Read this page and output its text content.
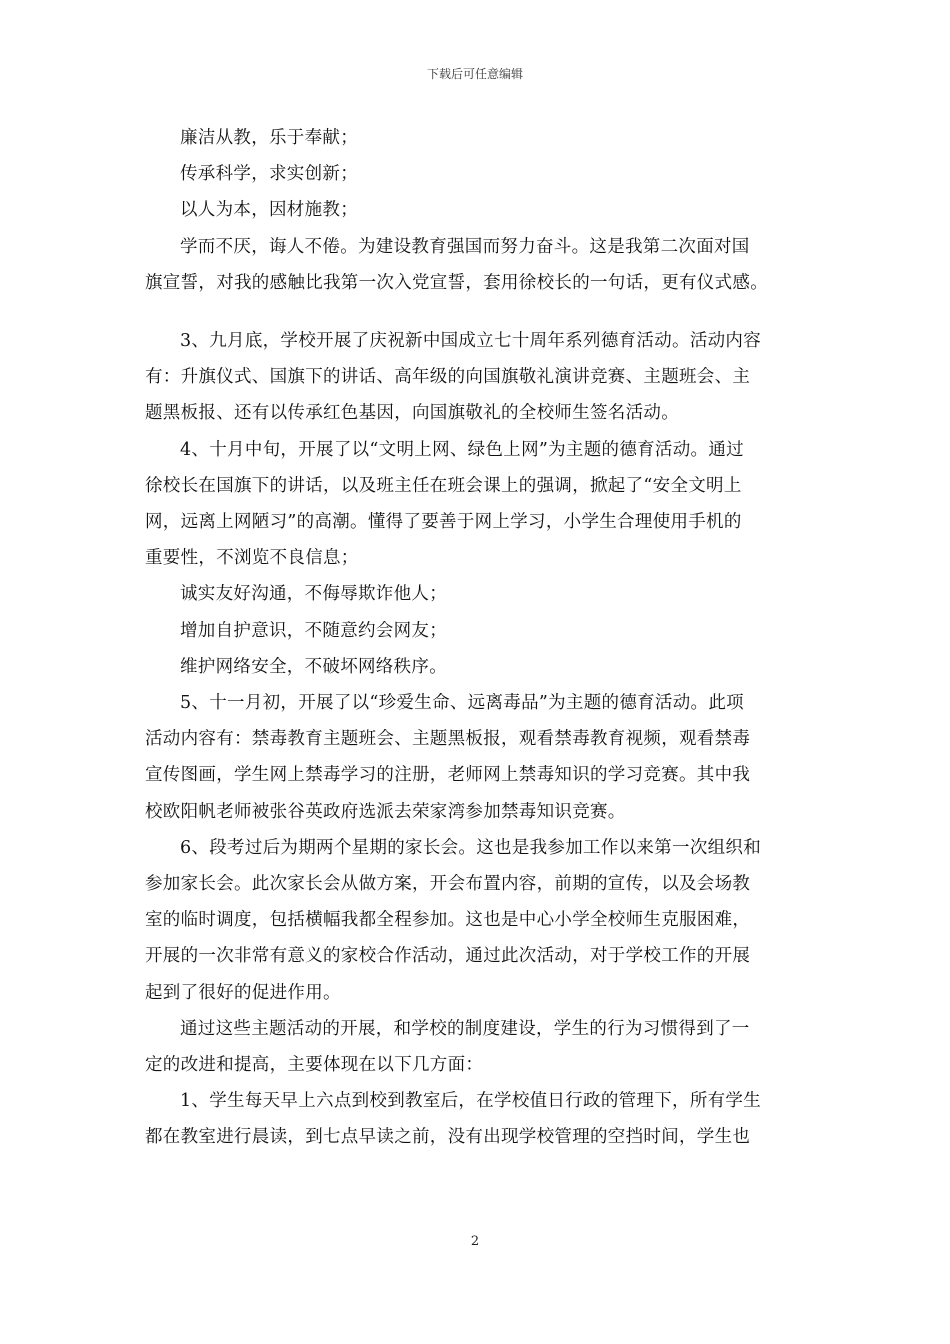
下载后可任意编辑

廉洁从教，乐于奉献；

传承科学，求实创新；

以人为本，因材施教；

学而不厌，诲人不倦。为建设教育强国而努力奋斗。这是我第二次面对国

旗宣誓，对我的感触比我第一次入党宣誓，套用徐校长的一句话，更有仪式感。

3、九月底，学校开展了庆祝新中国成立七十周年系列德育活动。活动内容

有：升旗仪式、国旗下的讲话、高年级的向国旗敬礼演讲竞赛、主题班会、主

题黑板报、还有以传承红色基因，向国旗敬礼的全校师生签名活动。

4、十月中旬，开展了以“文明上网、绿色上网”为主题的德育活动。通过

徐校长在国旗下的讲话，以及班主任在班会课上的强调，掀起了“安全文明上

网，远离上网陋习”的高潮。懂得了要善于网上学习，小学生合理使用手机的

重要性，不浏览不良信息；

诚实友好沟通，不侮辱欺诈他人；

增加自护意识，不随意约会网友；

维护网络安全，不破坏网络秩序。

5、十一月初，开展了以“珍爱生命、远离毒品”为主题的德育活动。此项

活动内容有：禁毒教育主题班会、主题黑板报，观看禁毒教育视频，观看禁毒

宣传图画，学生网上禁毒学习的注册，老师网上禁毒知识的学习竞赛。其中我

校欧阳帆老师被张谷英政府选派去荣家湾参加禁毒知识竞赛。

6、段考过后为期两个星期的家长会。这也是我参加工作以来第一次组织和

参加家长会。此次家长会从做方案，开会布置内容，前期的宣传，以及会场教

室的临时调度，包括横幅我都全程参加。这也是中心小学全校师生克服困难，

开展的一次非常有意义的家校合作活动，通过此次活动，对于学校工作的开展

起到了很好的促进作用。

通过这些主题活动的开展，和学校的制度建设，学生的行为习惯得到了一

定的改进和提高，主要体现在以下几方面：

1、学生每天早上六点到校到教室后，在学校值日行政的管理下，所有学生

都在教室进行晨读，到七点早读之前，没有出现学校管理的空挡时间，学生也

2
